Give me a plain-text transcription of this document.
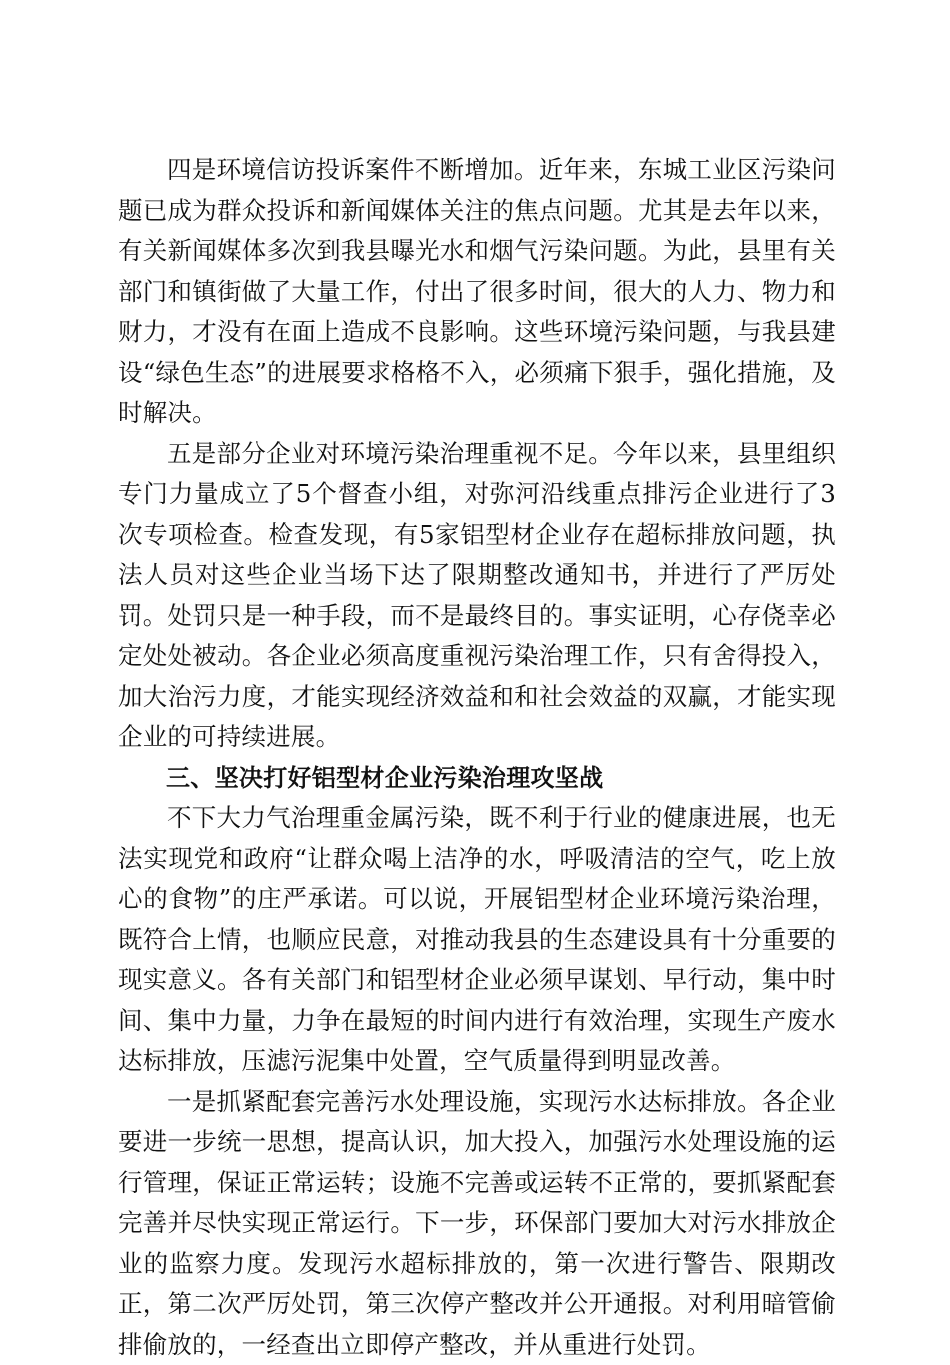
四是环境信访投诉案件不断增加。近年来，东城工业区污染问题已成为群众投诉和新闻媒体关注的焦点问题。尤其是去年以来，有关新闻媒体多次到我县曝光水和烟气污染问题。为此，县里有关部门和镇街做了大量工作，付出了很多时间，很大的人力、物力和财力，才没有在面上造成不良影响。这些环境污染问题，与我县建设“绿色生态”的进展要求格格不入，必须痛下狠手，强化措施，及时解决。

五是部分企业对环境污染治理重视不足。今年以来，县里组织专门力量成立了5个督查小组，对弥河沿线重点排污企业进行了3次专项检查。检查发现，有5家铝型材企业存在超标排放问题，执法人员对这些企业当场下达了限期整改通知书，并进行了严厉处罚。处罚只是一种手段，而不是最终目的。事实证明，心存侥幸必定处处被动。各企业必须高度重视污染治理工作，只有舍得投入，加大治污力度，才能实现经济效益和和社会效益的双赢，才能实现企业的可持续进展。

三、坚决打好铝型材企业污染治理攻坚战

不下大力气治理重金属污染，既不利于行业的健康进展，也无法实现党和政府“让群众喝上洁净的水，呼吸清洁的空气，吃上放心的食物”的庄严承诺。可以说，开展铝型材企业环境污染治理，既符合上情，也顺应民意，对推动我县的生态建设具有十分重要的现实意义。各有关部门和铝型材企业必须早谋划、早行动，集中时间、集中力量，力争在最短的时间内进行有效治理，实现生产废水达标排放，压滤污泥集中处置，空气质量得到明显改善。

一是抓紧配套完善污水处理设施，实现污水达标排放。各企业要进一步统一思想，提高认识，加大投入，加强污水处理设施的运行管理，保证正常运转；设施不完善或运转不正常的，要抓紧配套完善并尽快实现正常运行。下一步，环保部门要加大对污水排放企业的监察力度。发现污水超标排放的，第一次进行警告、限期改正，第二次严厉处罚，第三次停产整改并公开通报。对利用暗管偷排偷放的，一经查出立即停产整改，并从重进行处罚。
